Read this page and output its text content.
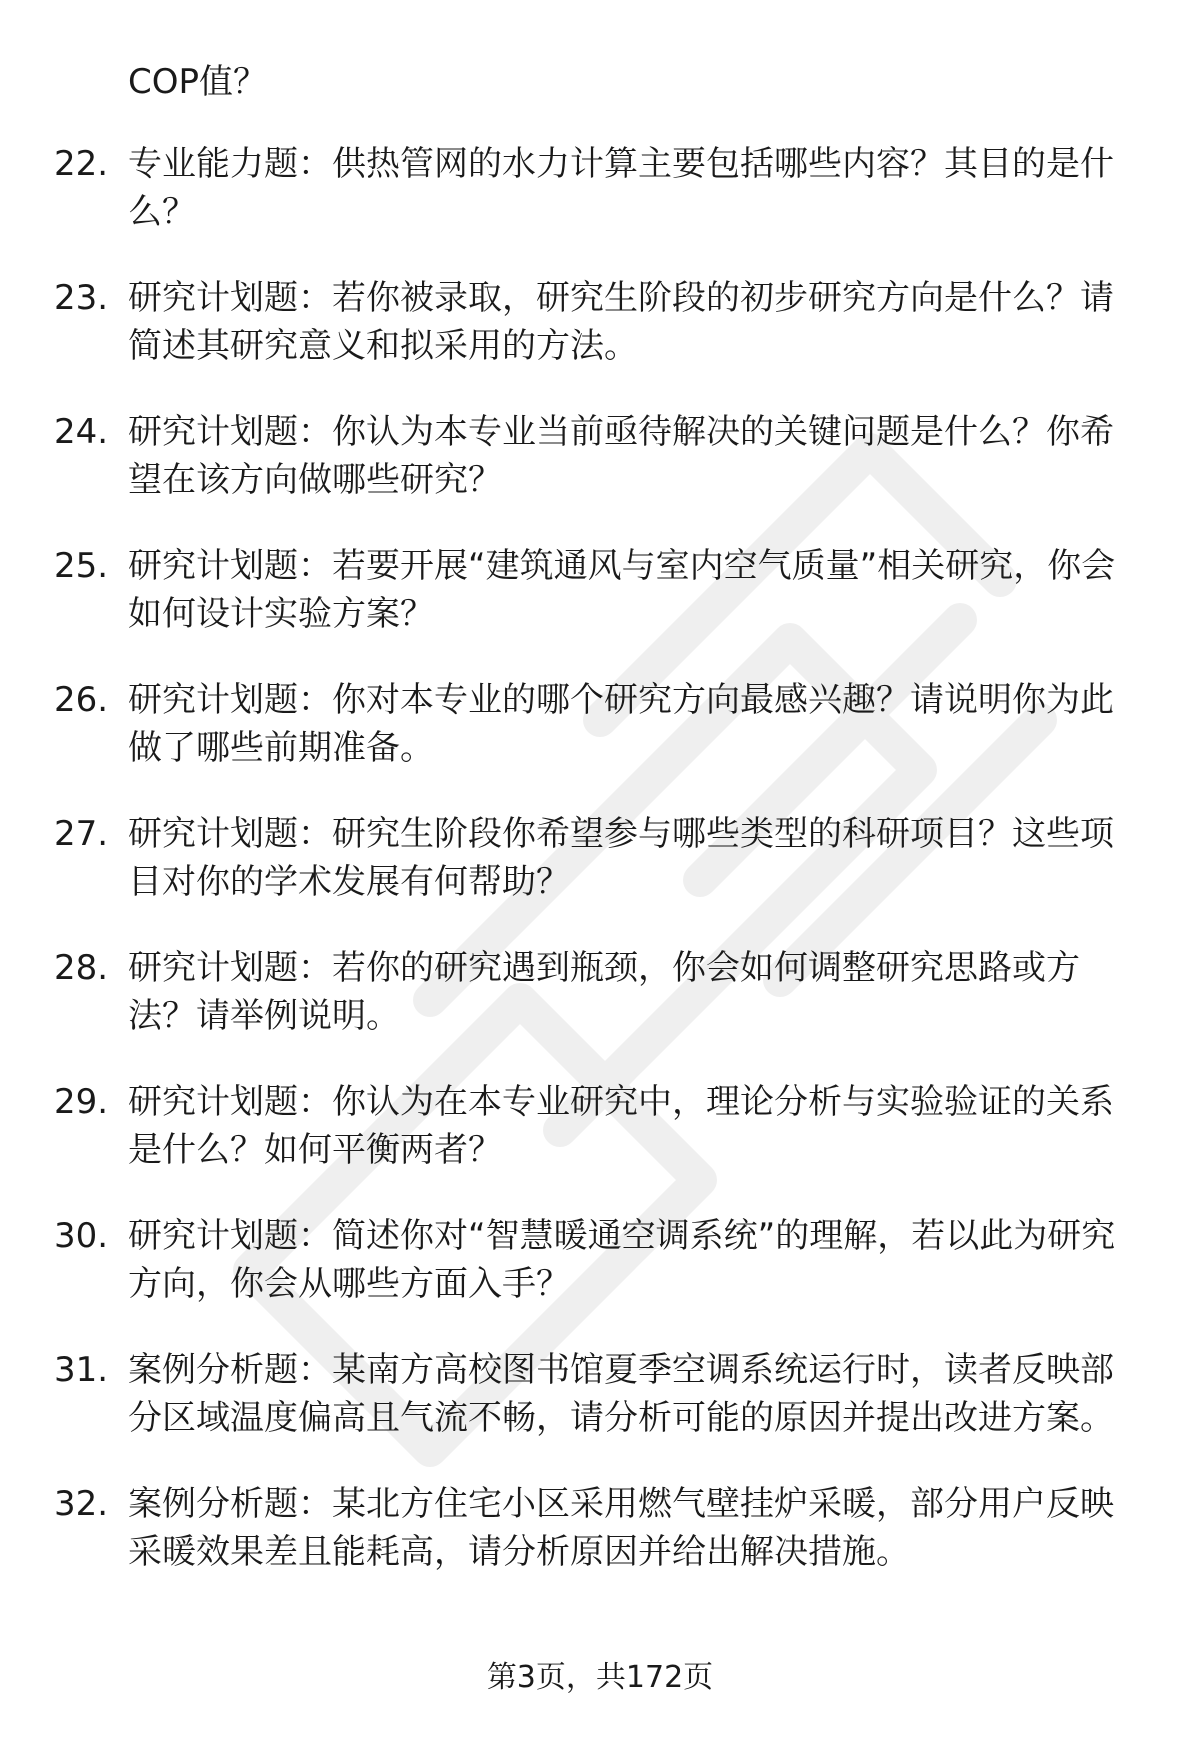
COP值？

22. 专业能力题：供热管网的水力计算主要包括哪些内容？其目的是什么？
23. 研究计划题：若你被录取，研究生阶段的初步研究方向是什么？请简述其研究意义和拟采用的方法。
24. 研究计划题：你认为本专业当前亟待解决的关键问题是什么？你希望在该方向做哪些研究？
25. 研究计划题：若要开展“建筑通风与室内空气质量”相关研究，你会如何设计实验方案？
26. 研究计划题：你对本专业的哪个研究方向最感兴趣？请说明你为此做了哪些前期准备。
27. 研究计划题：研究生阶段你希望参与哪些类型的科研项目？这些项目对你的学术发展有何帮助？
28. 研究计划题：若你的研究遇到瓶颈，你会如何调整研究思路或方法？请举例说明。
29. 研究计划题：你认为在本专业研究中，理论分析与实验验证的关系是什么？如何平衡两者？
30. 研究计划题：简述你对“智慧暖通空调系统”的理解，若以此为研究方向，你会从哪些方面入手？
31. 案例分析题：某南方高校图书馆夏季空调系统运行时，读者反映部分区域温度偏高且气流不畅，请分析可能的原因并提出改进方案。
32. 案例分析题：某北方住宅小区采用燃气壁挂炉采暖，部分用户反映采暖效果差且能耗高，请分析原因并给出解决措施。
第3页，共172页
